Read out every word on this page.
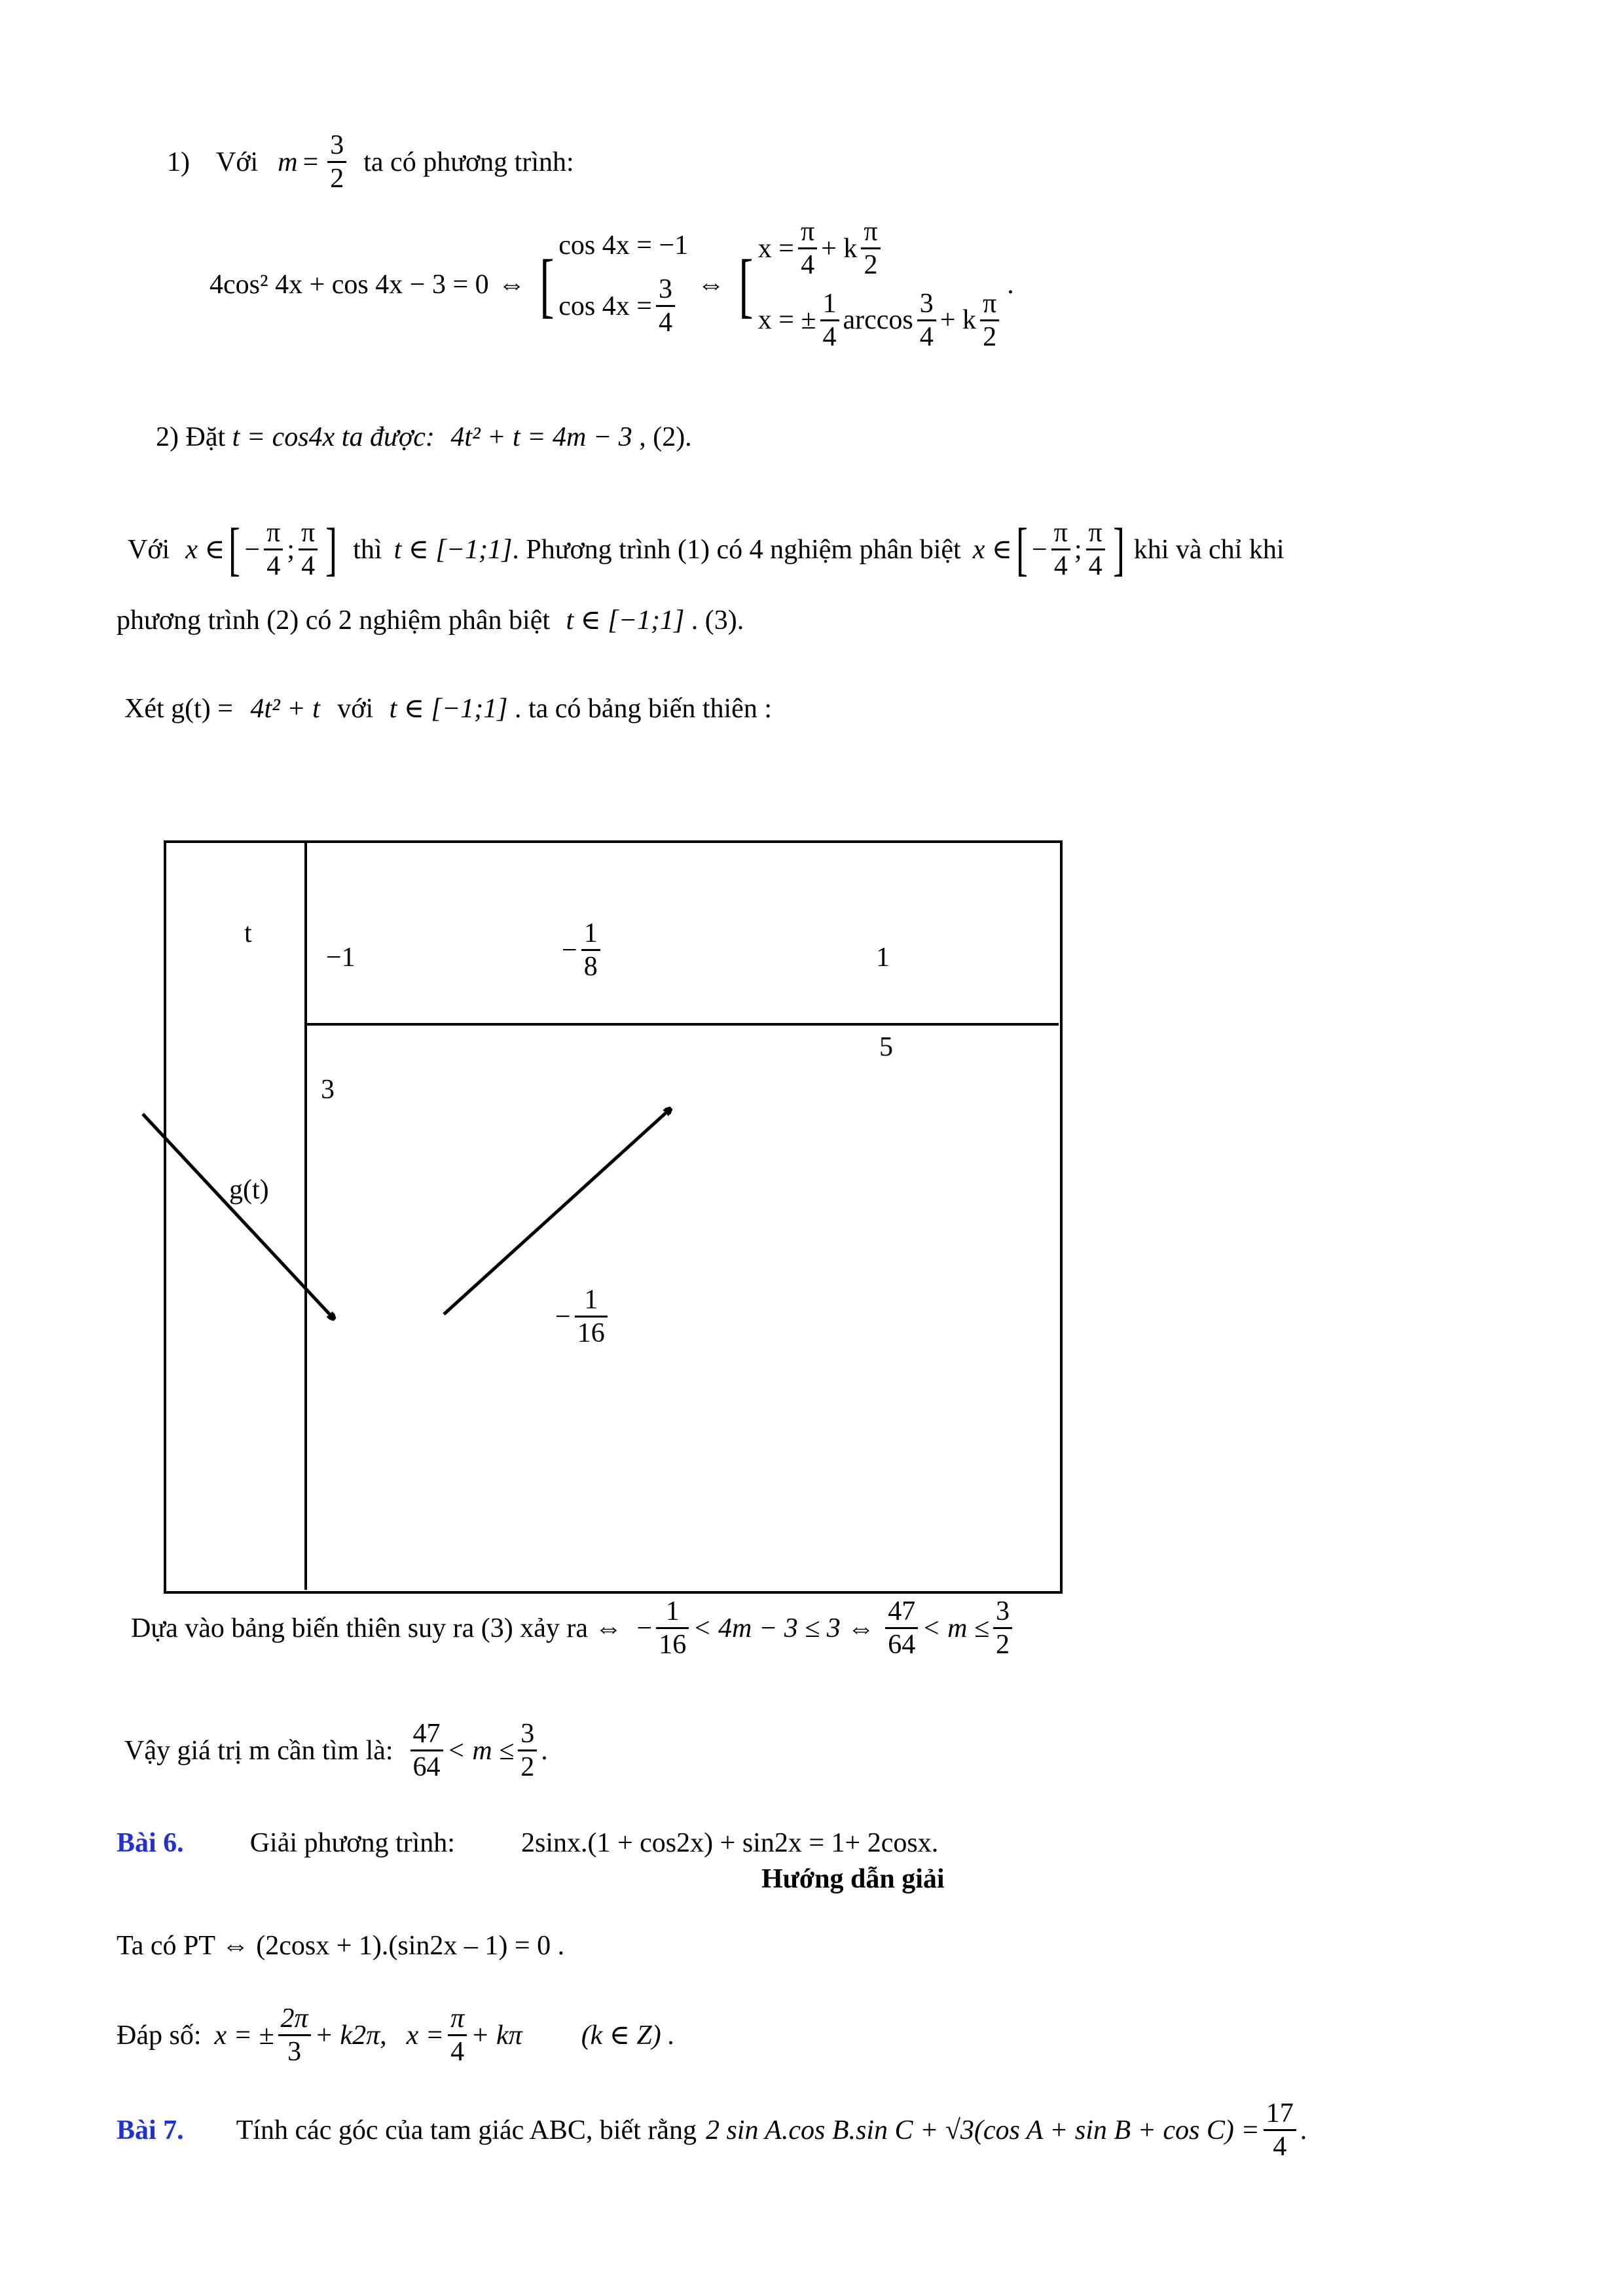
1) Với $m = \frac{3}{2}$ ta có phương trình:
4cos² 4x + cos 4x − 3 = 0 ⇔ [ cos 4x = −1
$\cos 4x = \frac{3}{4}$ ⇔ [ $x = \frac{\pi}{4} + k \frac{\pi}{2}$
x = ± $\frac{1}{4}$ $\arccos \frac{3}{4} + k \frac{\pi}{2}$
.
2) Đặt t = cos4x ta được: 4t² + t = 4m − 3 , (2).
Với x ∈ [ − $\frac{\pi}{4}$ ; $\frac{\pi}{4}$ ] thì t ∈ [−1;1] . Phương trình (1) có 4 nghiệm phân biệt x ∈ [ − $\frac{\pi}{4}$ ; $\frac{\pi}{4}$ ] khi và chỉ khi
phương trình (2) có 2 nghiệm phân biệt t ∈ [−1;1] . (3).
Xét g(t) = 4t² + t với t ∈ [−1;1] . ta có bảng biến thiên :
t
g(t)
−1	− $\frac{1}{8}$	1
3
5
− $\frac{1}{16}$
Dựa vào bảng biến thiên suy ra (3) xảy ra ⇔ − $\frac{1}{16} < 4m - 3 \le 3$ ⇔ $\frac{47}{64} < m \le \frac{3}{2}$
Vậy giá trị m cần tìm là: $\frac{47}{64} < m \le \frac{3}{2}$ .
Bài 6. Giải phương trình: 2sinx.(1 + cos2x) + sin2x = 1+ 2cosx.
Hướng dẫn giải
Ta có PT ⇔ (2cosx + 1).(sin2x – 1) = 0 .
Đáp số: x = ± $\frac{2\pi}{3} + k2\pi$, $x = \frac{\pi}{4} + k\pi$ (k ∈ Z) .
Bài 7. Tính các góc của tam giác ABC, biết rằng 2 sin A.cos B.sin C + √3(cos $A + \sin B + \cos C) = \frac{17}{4}$ .
